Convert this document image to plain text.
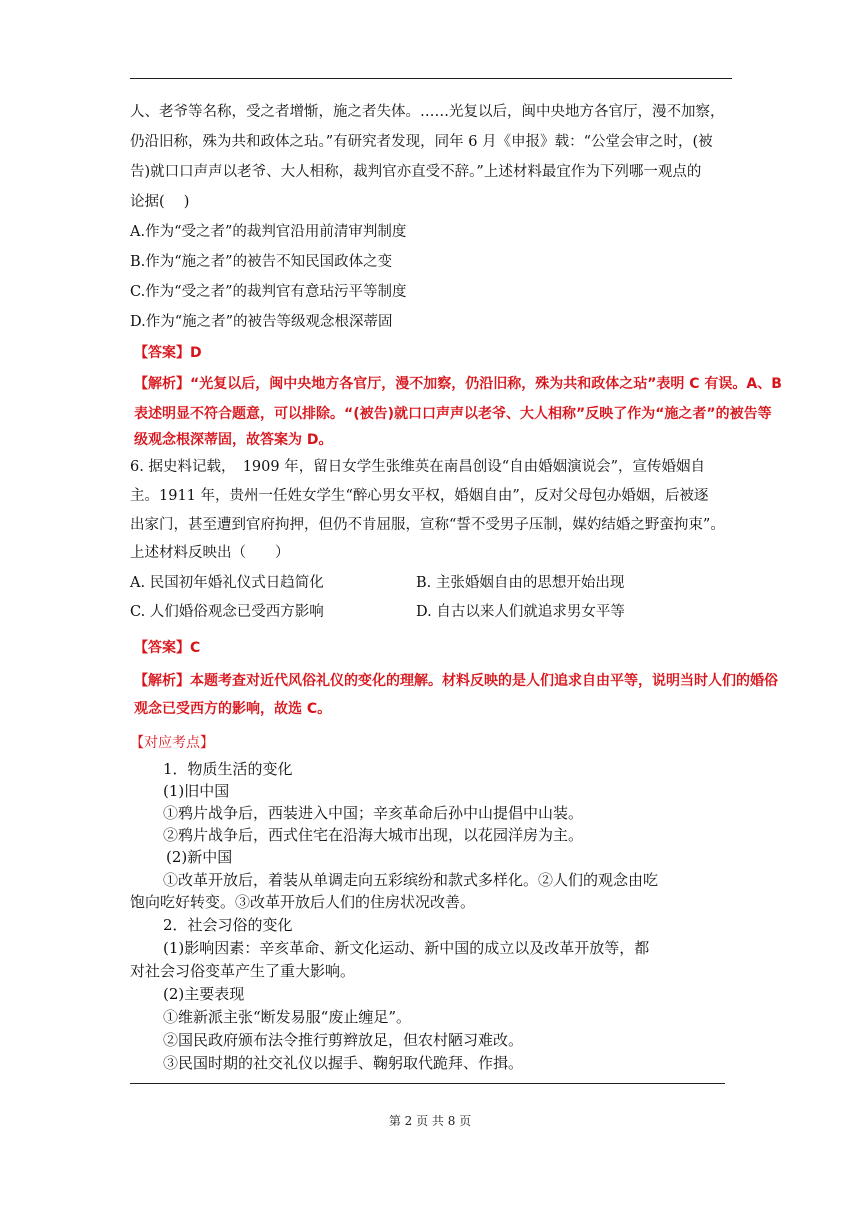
人、老爷等名称，受之者增惭，施之者失体。……光复以后，闽中央地方各官厅，漫不加察，
仍沿旧称，殊为共和政体之玷。”有研究者发现，同年 6 月《申报》载：“公堂会审之时，(被
告)就口口声声以老爷、大人相称，裁判官亦直受不辞。”上述材料最宜作为下列哪一观点的
论据(　 )
A.作为“受之者”的裁判官沿用前清审判制度
B.作为“施之者”的被告不知民国政体之变
C.作为“受之者”的裁判官有意玷污平等制度
D.作为“施之者”的被告等级观念根深蒂固
【答案】D
【解析】“光复以后，闽中央地方各官厅，漫不加察，仍沿旧称，殊为共和政体之玷”表明 C 有误。A、B
表述明显不符合题意，可以排除。“(被告)就口口声声以老爷、大人相称”反映了作为“施之者”的被告等
级观念根深蒂固，故答案为 D。
6. 据史料记载，　1909 年，留日女学生张维英在南昌创设“自由婚姻演说会”，宣传婚姻自
主。1911 年，贵州一任姓女学生“醉心男女平权，婚姻自由”，反对父母包办婚姻，后被逐
出家门，甚至遭到官府拘押，但仍不肯屈服，宣称“誓不受男子压制，媒妁结婚之野蛮拘束”。
上述材料反映出（　　）
A. 民国初年婚礼仪式日趋简化	B. 主张婚姻自由的思想开始出现
C. 人们婚俗观念已受西方影响	D. 自古以来人们就追求男女平等
【答案】C
【解析】本题考查对近代风俗礼仪的变化的理解。材料反映的是人们追求自由平等，说明当时人们的婚俗
观念已受西方的影响，故选 C。
【对应考点】
1．物质生活的变化
(1)旧中国
①鸦片战争后，西装进入中国；辛亥革命后孙中山提倡中山装。
②鸦片战争后，西式住宅在沿海大城市出现，以花园洋房为主。
(2)新中国
①改革开放后，着装从单调走向五彩缤纷和款式多样化。②人们的观念由吃
饱向吃好转变。③改革开放后人们的住房状况改善。
2．社会习俗的变化
(1)影响因素：辛亥革命、新文化运动、新中国的成立以及改革开放等，都
对社会习俗变革产生了重大影响。
(2)主要表现
①维新派主张“断发易服“废止缠足”。
②国民政府颁布法令推行剪辫放足，但农村陋习难改。
③民国时期的社交礼仪以握手、鞠躬取代跪拜、作揖。
第 2 页 共 8 页
